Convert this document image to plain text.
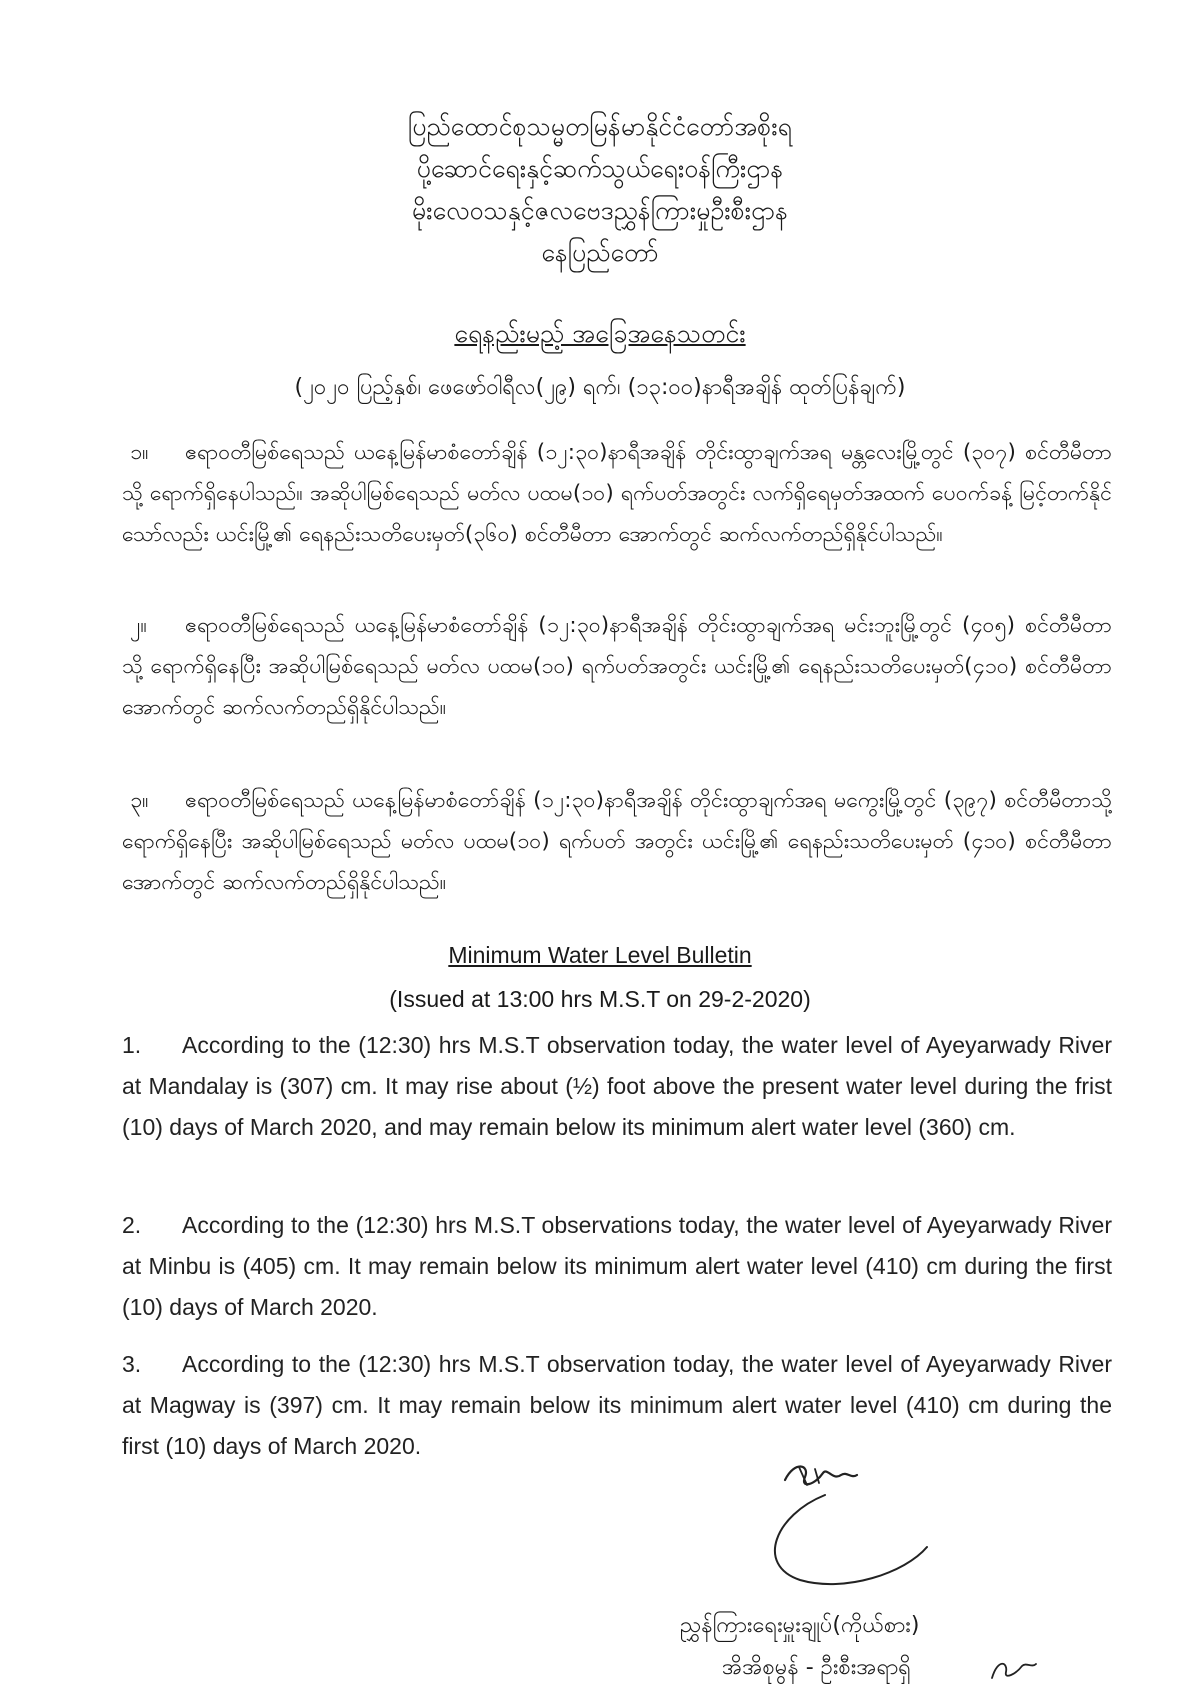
ပြည်ထောင်စုသမ္မတမြန်မာနိုင်ငံတော်အစိုးရ
ပို့ဆောင်ရေးနှင့်ဆက်သွယ်ရေးဝန်ကြီးဌာန
မိုးလေဝသနှင့်ဇလဗေဒညွှန်ကြားမှုဦးစီးဌာန
နေပြည်တော်
ရေနည်းမည့် အခြေအနေသတင်း
(၂၀၂၀ ပြည့်နှစ်၊ ဖေဖော်ဝါရီလ(၂၉) ရက်၊ (၁၃:၀၀)နာရီအချိန် ထုတ်ပြန်ချက်)
၁။ ဧရာဝတီမြစ်ရေသည် ယနေ့မြန်မာစံတော်ချိန် (၁၂:၃၀)နာရီအချိန် တိုင်းထွာချက်အရ မန္တလေးမြို့တွင် (၃၀၇) စင်တီမီတာသို့ ရောက်ရှိနေပါသည်။ အဆိုပါမြစ်ရေသည် မတ်လ ပထမ(၁၀) ရက်ပတ်အတွင်း လက်ရှိရေမှတ်အထက် ပေဝက်ခန့် မြင့်တက်နိုင်သော်လည်း ယင်းမြို့၏ ရေနည်းသတိပေးမှတ်(၃၆၀) စင်တီမီတာ အောက်တွင် ဆက်လက်တည်ရှိနိုင်ပါသည်။
၂။ ဧရာဝတီမြစ်ရေသည် ယနေ့မြန်မာစံတော်ချိန် (၁၂:၃၀)နာရီအချိန် တိုင်းထွာချက်အရ မင်းဘူးမြို့တွင် (၄၀၅) စင်တီမီတာသို့ ရောက်ရှိနေပြီး အဆိုပါမြစ်ရေသည် မတ်လ ပထမ(၁၀) ရက်ပတ်အတွင်း ယင်းမြို့၏ ရေနည်းသတိပေးမှတ်(၄၁၀) စင်တီမီတာအောက်တွင် ဆက်လက်တည်ရှိနိုင်ပါသည်။
၃။ ဧရာဝတီမြစ်ရေသည် ယနေ့မြန်မာစံတော်ချိန် (၁၂:၃၀)နာရီအချိန် တိုင်းထွာချက်အရ မကွေးမြို့တွင် (၃၉၇) စင်တီမီတာသို့ ရောက်ရှိနေပြီး အဆိုပါမြစ်ရေသည် မတ်လ ပထမ(၁၀) ရက်ပတ် အတွင်း ယင်းမြို့၏ ရေနည်းသတိပေးမှတ် (၄၁၀) စင်တီမီတာအောက်တွင် ဆက်လက်တည်ရှိနိုင်ပါသည်။
Minimum Water Level Bulletin
(Issued at 13:00 hrs M.S.T on 29-2-2020)
1. According to the (12:30) hrs M.S.T observation today, the water level of Ayeyarwady River at Mandalay is (307) cm. It may rise about (½) foot above the present water level during the frist (10) days of March 2020, and may remain below its minimum alert water level (360) cm.
2. According to the (12:30) hrs M.S.T observations today, the water level of Ayeyarwady River at Minbu is (405) cm. It may remain below its minimum alert water level (410) cm during the first (10) days of March 2020.
3. According to the (12:30) hrs M.S.T observation today, the water level of Ayeyarwady River at Magway is (397) cm. It may remain below its minimum alert water level (410) cm during the first (10) days of March 2020.
ညွှန်ကြားရေးမှူးချုပ်(ကိုယ်စား)
အိအိစုမွန် - ဦးစီးအရာရှိ
